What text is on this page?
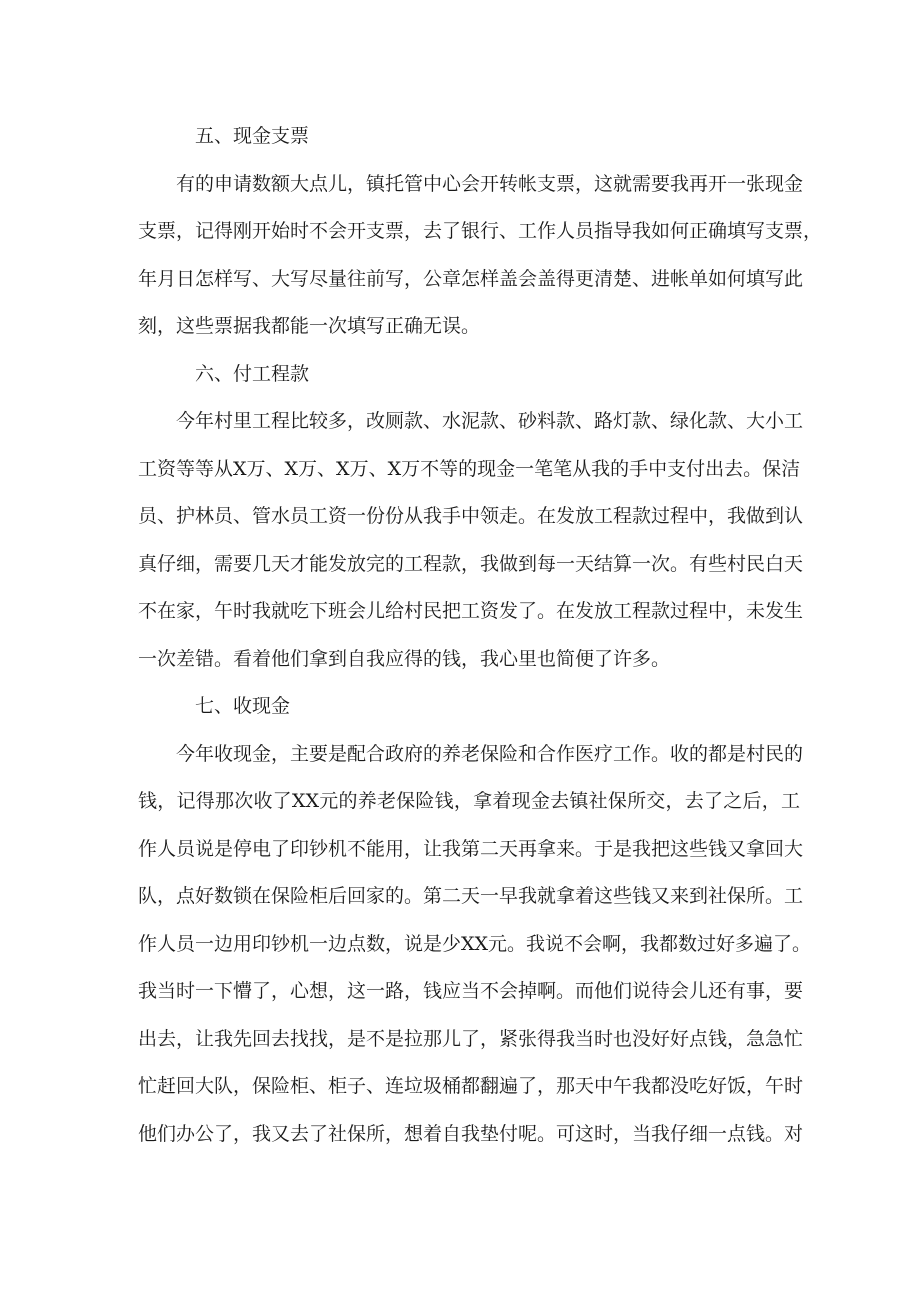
五、现金支票
有的申请数额大点儿，镇托管中心会开转帐支票，这就需要我再开一张现金
支票，记得刚开始时不会开支票，去了银行、工作人员指导我如何正确填写支票，
年月日怎样写、大写尽量往前写，公章怎样盖会盖得更清楚、进帐单如何填写此
刻，这些票据我都能一次填写正确无误。
六、付工程款
今年村里工程比较多，改厕款、水泥款、砂料款、路灯款、绿化款、大小工
工资等等从X万、X万、X万、X万不等的现金一笔笔从我的手中支付出去。保洁
员、护林员、管水员工资一份份从我手中领走。在发放工程款过程中，我做到认
真仔细，需要几天才能发放完的工程款，我做到每一天结算一次。有些村民白天
不在家，午时我就吃下班会儿给村民把工资发了。在发放工程款过程中，未发生
一次差错。看着他们拿到自我应得的钱，我心里也简便了许多。
七、收现金
今年收现金，主要是配合政府的养老保险和合作医疗工作。收的都是村民的
钱，记得那次收了XX元的养老保险钱，拿着现金去镇社保所交，去了之后，工
作人员说是停电了印钞机不能用，让我第二天再拿来。于是我把这些钱又拿回大
队，点好数锁在保险柜后回家的。第二天一早我就拿着这些钱又来到社保所。工
作人员一边用印钞机一边点数，说是少XX元。我说不会啊，我都数过好多遍了。
我当时一下懵了，心想，这一路，钱应当不会掉啊。而他们说待会儿还有事，要
出去，让我先回去找找，是不是拉那儿了，紧张得我当时也没好好点钱，急急忙
忙赶回大队，保险柜、柜子、连垃圾桶都翻遍了，那天中午我都没吃好饭，午时
他们办公了，我又去了社保所，想着自我垫付呢。可这时，当我仔细一点钱。对
